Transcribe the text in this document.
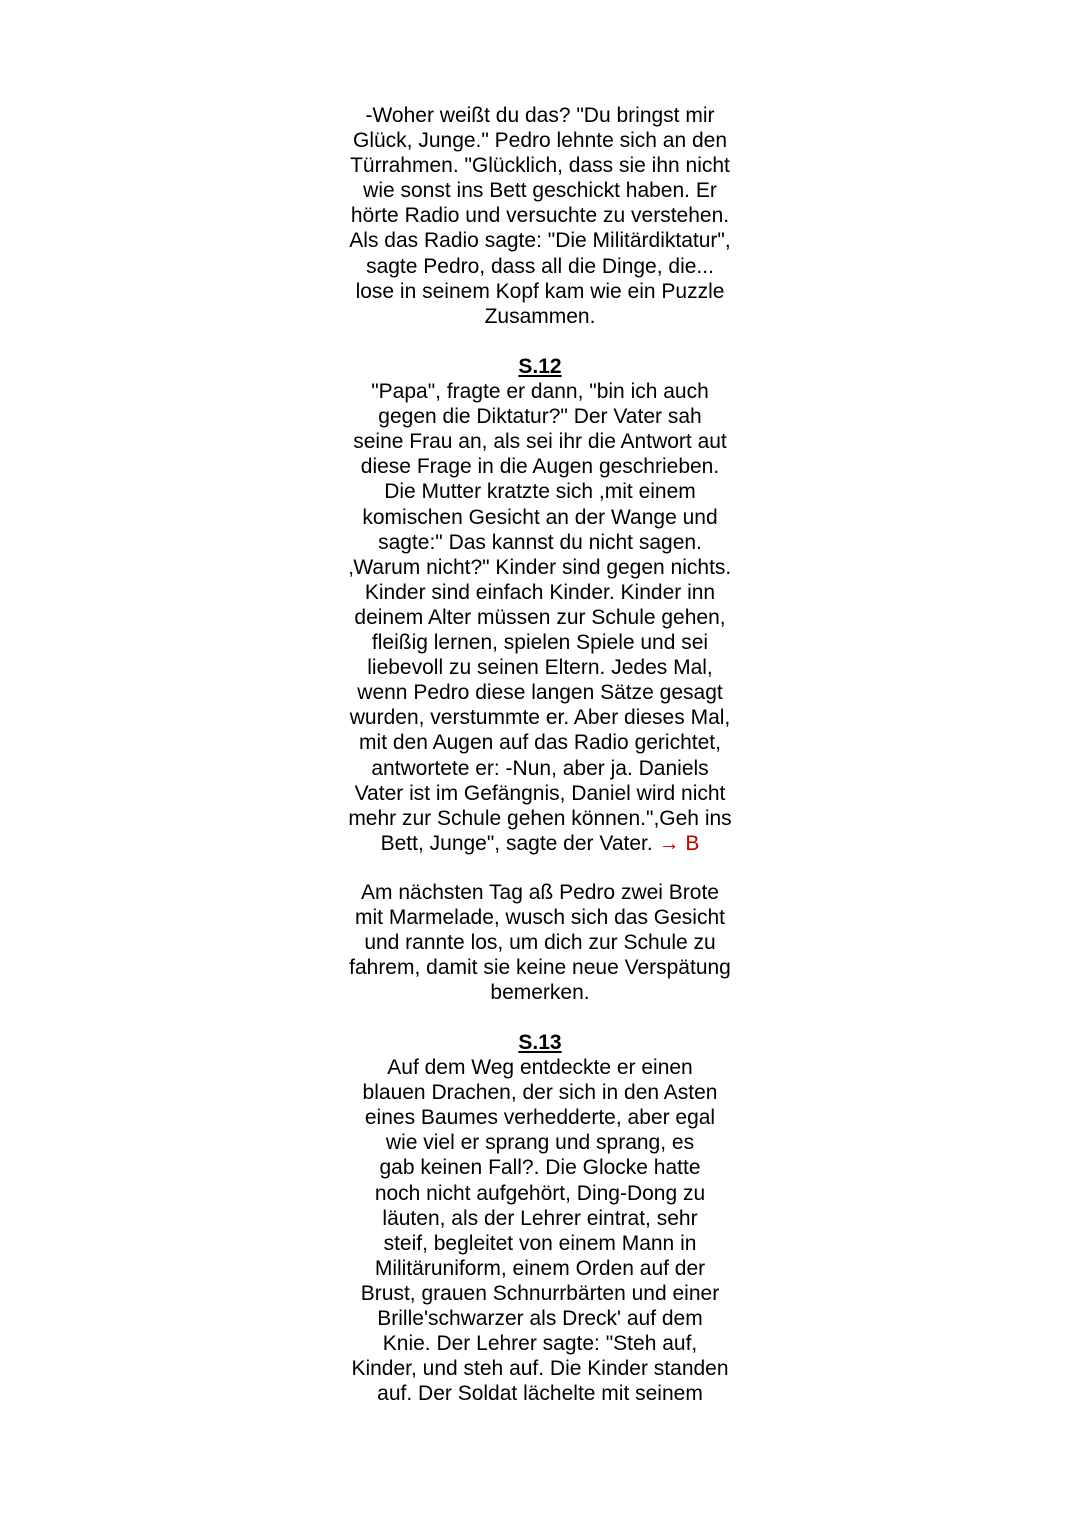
-Woher weißt du das? "Du bringst mir
Glück, Junge." Pedro lehnte sich an den
Türrahmen. "Glücklich, dass sie ihn nicht
wie sonst ins Bett geschickt haben. Er
hörte Radio und versuchte zu verstehen.
Als das Radio sagte: "Die Militärdiktatur",
sagte Pedro, dass all die Dinge, die...
lose in seinem Kopf kam wie ein Puzzle
Zusammen.
S.12
"Papa", fragte er dann, "bin ich auch
gegen die Diktatur?" Der Vater sah
seine Frau an, als sei ihr die Antwort aut
diese Frage in die Augen geschrieben.
Die Mutter kratzte sich ,mit einem
komischen Gesicht an der Wange und
sagte:" Das kannst du nicht sagen.
‚Warum nicht?" Kinder sind gegen nichts.
Kinder sind einfach Kinder. Kinder inn
deinem Alter müssen zur Schule gehen,
fleißig lernen, spielen Spiele und sei
liebevoll zu seinen Eltern. Jedes Mal,
wenn Pedro diese langen Sätze gesagt
wurden, verstummte er. Aber dieses Mal,
mit den Augen auf das Radio gerichtet,
antwortete er: -Nun, aber ja. Daniels
Vater ist im Gefängnis, Daniel wird nicht
mehr zur Schule gehen können.",Geh ins
Bett, Junge", sagte der Vater. → B
Am nächsten Tag aß Pedro zwei Brote
mit Marmelade, wusch sich das Gesicht
und rannte los, um dich zur Schule zu
fahrem, damit sie keine neue Verspätung
bemerken.
S.13
Auf dem Weg entdeckte er einen
blauen Drachen, der sich in den Asten
eines Baumes verhedderte, aber egal
wie viel er sprang und sprang, es
gab keinen Fall?. Die Glocke hatte
noch nicht aufgehört, Ding-Dong zu
läuten, als der Lehrer eintrat, sehr
steif, begleitet von einem Mann in
Militäruniform, einem Orden auf der
Brust, grauen Schnurrbärten und einer
Brille'schwarzer als Dreck' auf dem
Knie. Der Lehrer sagte: "Steh auf,
Kinder, und steh auf. Die Kinder standen
auf. Der Soldat lächelte mit seinem
